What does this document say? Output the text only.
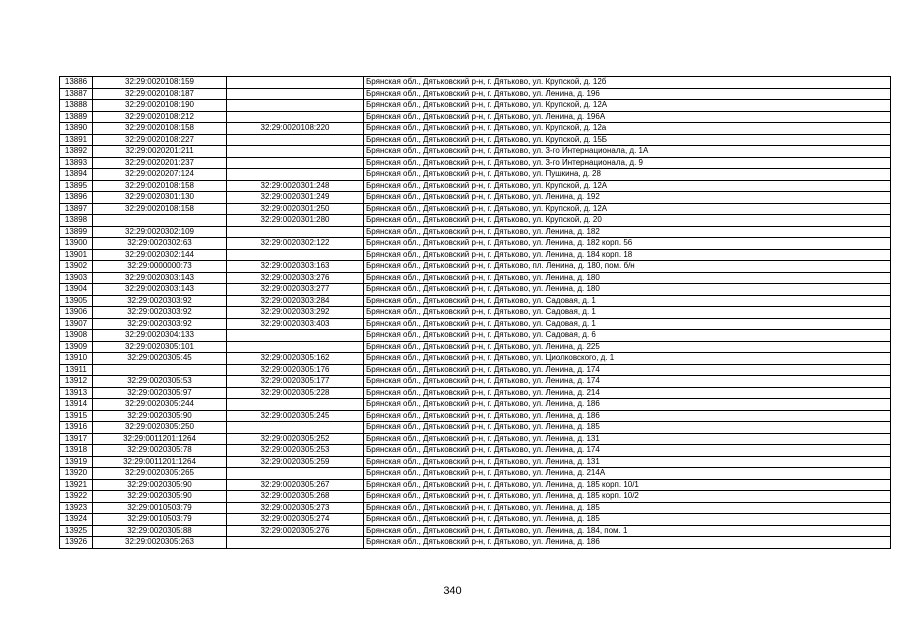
13886	32:29:0020108:159		Брянская обл., Дятьковский р-н, г. Дятьково, ул. Крупской, д. 12б
13887	32:29:0020108:187		Брянская обл., Дятьковский р-н, г. Дятьково, ул. Ленина, д. 196
13888	32:29:0020108:190		Брянская обл., Дятьковский р-н, г. Дятьково, ул. Крупской, д. 12А
13889	32:29:0020108:212		Брянская обл., Дятьковский р-н, г. Дятьково, ул. Ленина, д. 196А
13890	32:29:0020108:158	32:29:0020108:220	Брянская обл., Дятьковский р-н, г. Дятьково, ул. Крупской, д. 12а
13891	32:29:0020108:227		Брянская обл., Дятьковский р-н, г. Дятьково, ул. Крупской, д. 15Б
13892	32:29:0020201:211		Брянская обл., Дятьковский р-н, г. Дятьково, ул. 3-го Интернационала, д. 1А
13893	32:29:0020201:237		Брянская обл., Дятьковский р-н, г. Дятьково, ул. 3-го Интернационала, д. 9
13894	32:29:0020207:124		Брянская обл., Дятьковский р-н, г. Дятьково, ул. Пушкина, д. 28
13895	32:29:0020108:158	32:29:0020301:248	Брянская обл., Дятьковский р-н, г. Дятьково, ул. Крупской, д. 12А
13896	32:29:0020301:130	32:29:0020301:249	Брянская обл., Дятьковский р-н, г. Дятьково, ул. Ленина, д. 192
13897	32:29:0020108:158	32:29:0020301:250	Брянская обл., Дятьковский р-н, г. Дятьково, ул. Крупской, д. 12А
13898		32:29:0020301:280	Брянская обл., Дятьковский р-н, г. Дятьково, ул. Крупской, д. 20
13899	32:29:0020302:109		Брянская обл., Дятьковский р-н, г. Дятьково, ул. Ленина, д. 182
13900	32:29:0020302:63	32:29:0020302:122	Брянская обл., Дятьковский р-н, г. Дятьково, ул. Ленина, д. 182 корп. 56
13901	32:29:0020302:144		Брянская обл., Дятьковский р-н, г. Дятьково, ул. Ленина, д. 184 корп. 18
13902	32:29:0000000:73	32:29:0020303:163	Брянская обл., Дятьковский р-н, г. Дятьково, пл. Ленина, д. 180, пом. б/н
13903	32:29:0020303:143	32:29:0020303:276	Брянская обл., Дятьковский р-н, г. Дятьково, ул. Ленина, д. 180
13904	32:29:0020303:143	32:29:0020303:277	Брянская обл., Дятьковский р-н, г. Дятьково, ул. Ленина, д. 180
13905	32:29:0020303:92	32:29:0020303:284	Брянская обл., Дятьковский р-н, г. Дятьково, ул. Садовая, д. 1
13906	32:29:0020303:92	32:29:0020303:292	Брянская обл., Дятьковский р-н, г. Дятьково, ул. Садовая, д. 1
13907	32:29:0020303:92	32:29:0020303:403	Брянская обл., Дятьковский р-н, г. Дятьково, ул. Садовая, д. 1
13908	32:29:0020304:133		Брянская обл., Дятьковский р-н, г. Дятьково, ул. Садовая, д. 6
13909	32:29:0020305:101		Брянская обл., Дятьковский р-н, г. Дятьково, ул. Ленина, д. 225
13910	32:29:0020305:45	32:29:0020305:162	Брянская обл., Дятьковский р-н, г. Дятьково, ул. Циолковского, д. 1
13911		32:29:0020305:176	Брянская обл., Дятьковский р-н, г. Дятьково, ул. Ленина, д. 174
13912	32:29:0020305:53	32:29:0020305:177	Брянская обл., Дятьковский р-н, г. Дятьково, ул. Ленина, д. 174
13913	32:29:0020305:97	32:29:0020305:228	Брянская обл., Дятьковский р-н, г. Дятьково, ул. Ленина, д. 214
13914	32:29:0020305:244		Брянская обл., Дятьковский р-н, г. Дятьково, ул. Ленина, д. 186
13915	32:29:0020305:90	32:29:0020305:245	Брянская обл., Дятьковский р-н, г. Дятьково, ул. Ленина, д. 186
13916	32:29:0020305:250		Брянская обл., Дятьковский р-н, г. Дятьково, ул. Ленина, д. 185
13917	32:29:0011201:1264	32:29:0020305:252	Брянская обл., Дятьковский р-н, г. Дятьково, ул. Ленина, д. 131
13918	32:29:0020305:78	32:29:0020305:253	Брянская обл., Дятьковский р-н, г. Дятьково, ул. Ленина, д. 174
13919	32:29:0011201:1264	32:29:0020305:259	Брянская обл., Дятьковский р-н, г. Дятьково, ул. Ленина, д. 131
13920	32:29:0020305:265		Брянская обл., Дятьковский р-н, г. Дятьково, ул. Ленина, д. 214А
13921	32:29:0020305:90	32:29:0020305:267	Брянская обл., Дятьковский р-н, г. Дятьково, ул. Ленина, д. 185 корп. 10/1
13922	32:29:0020305:90	32:29:0020305:268	Брянская обл., Дятьковский р-н, г. Дятьково, ул. Ленина, д. 185 корп. 10/2
13923	32:29:0010503:79	32:29:0020305:273	Брянская обл., Дятьковский р-н, г. Дятьково, ул. Ленина, д. 185
13924	32:29:0010503:79	32:29:0020305:274	Брянская обл., Дятьковский р-н, г. Дятьково, ул. Ленина, д. 185
13925	32:29:0020305:88	32:29:0020305:276	Брянская обл., Дятьковский р-н, г. Дятьково, ул. Ленина, д. 184, пом. 1
13926	32:29:0020305:263		Брянская обл., Дятьковский р-н, г. Дятьково, ул. Ленина, д. 186
340
